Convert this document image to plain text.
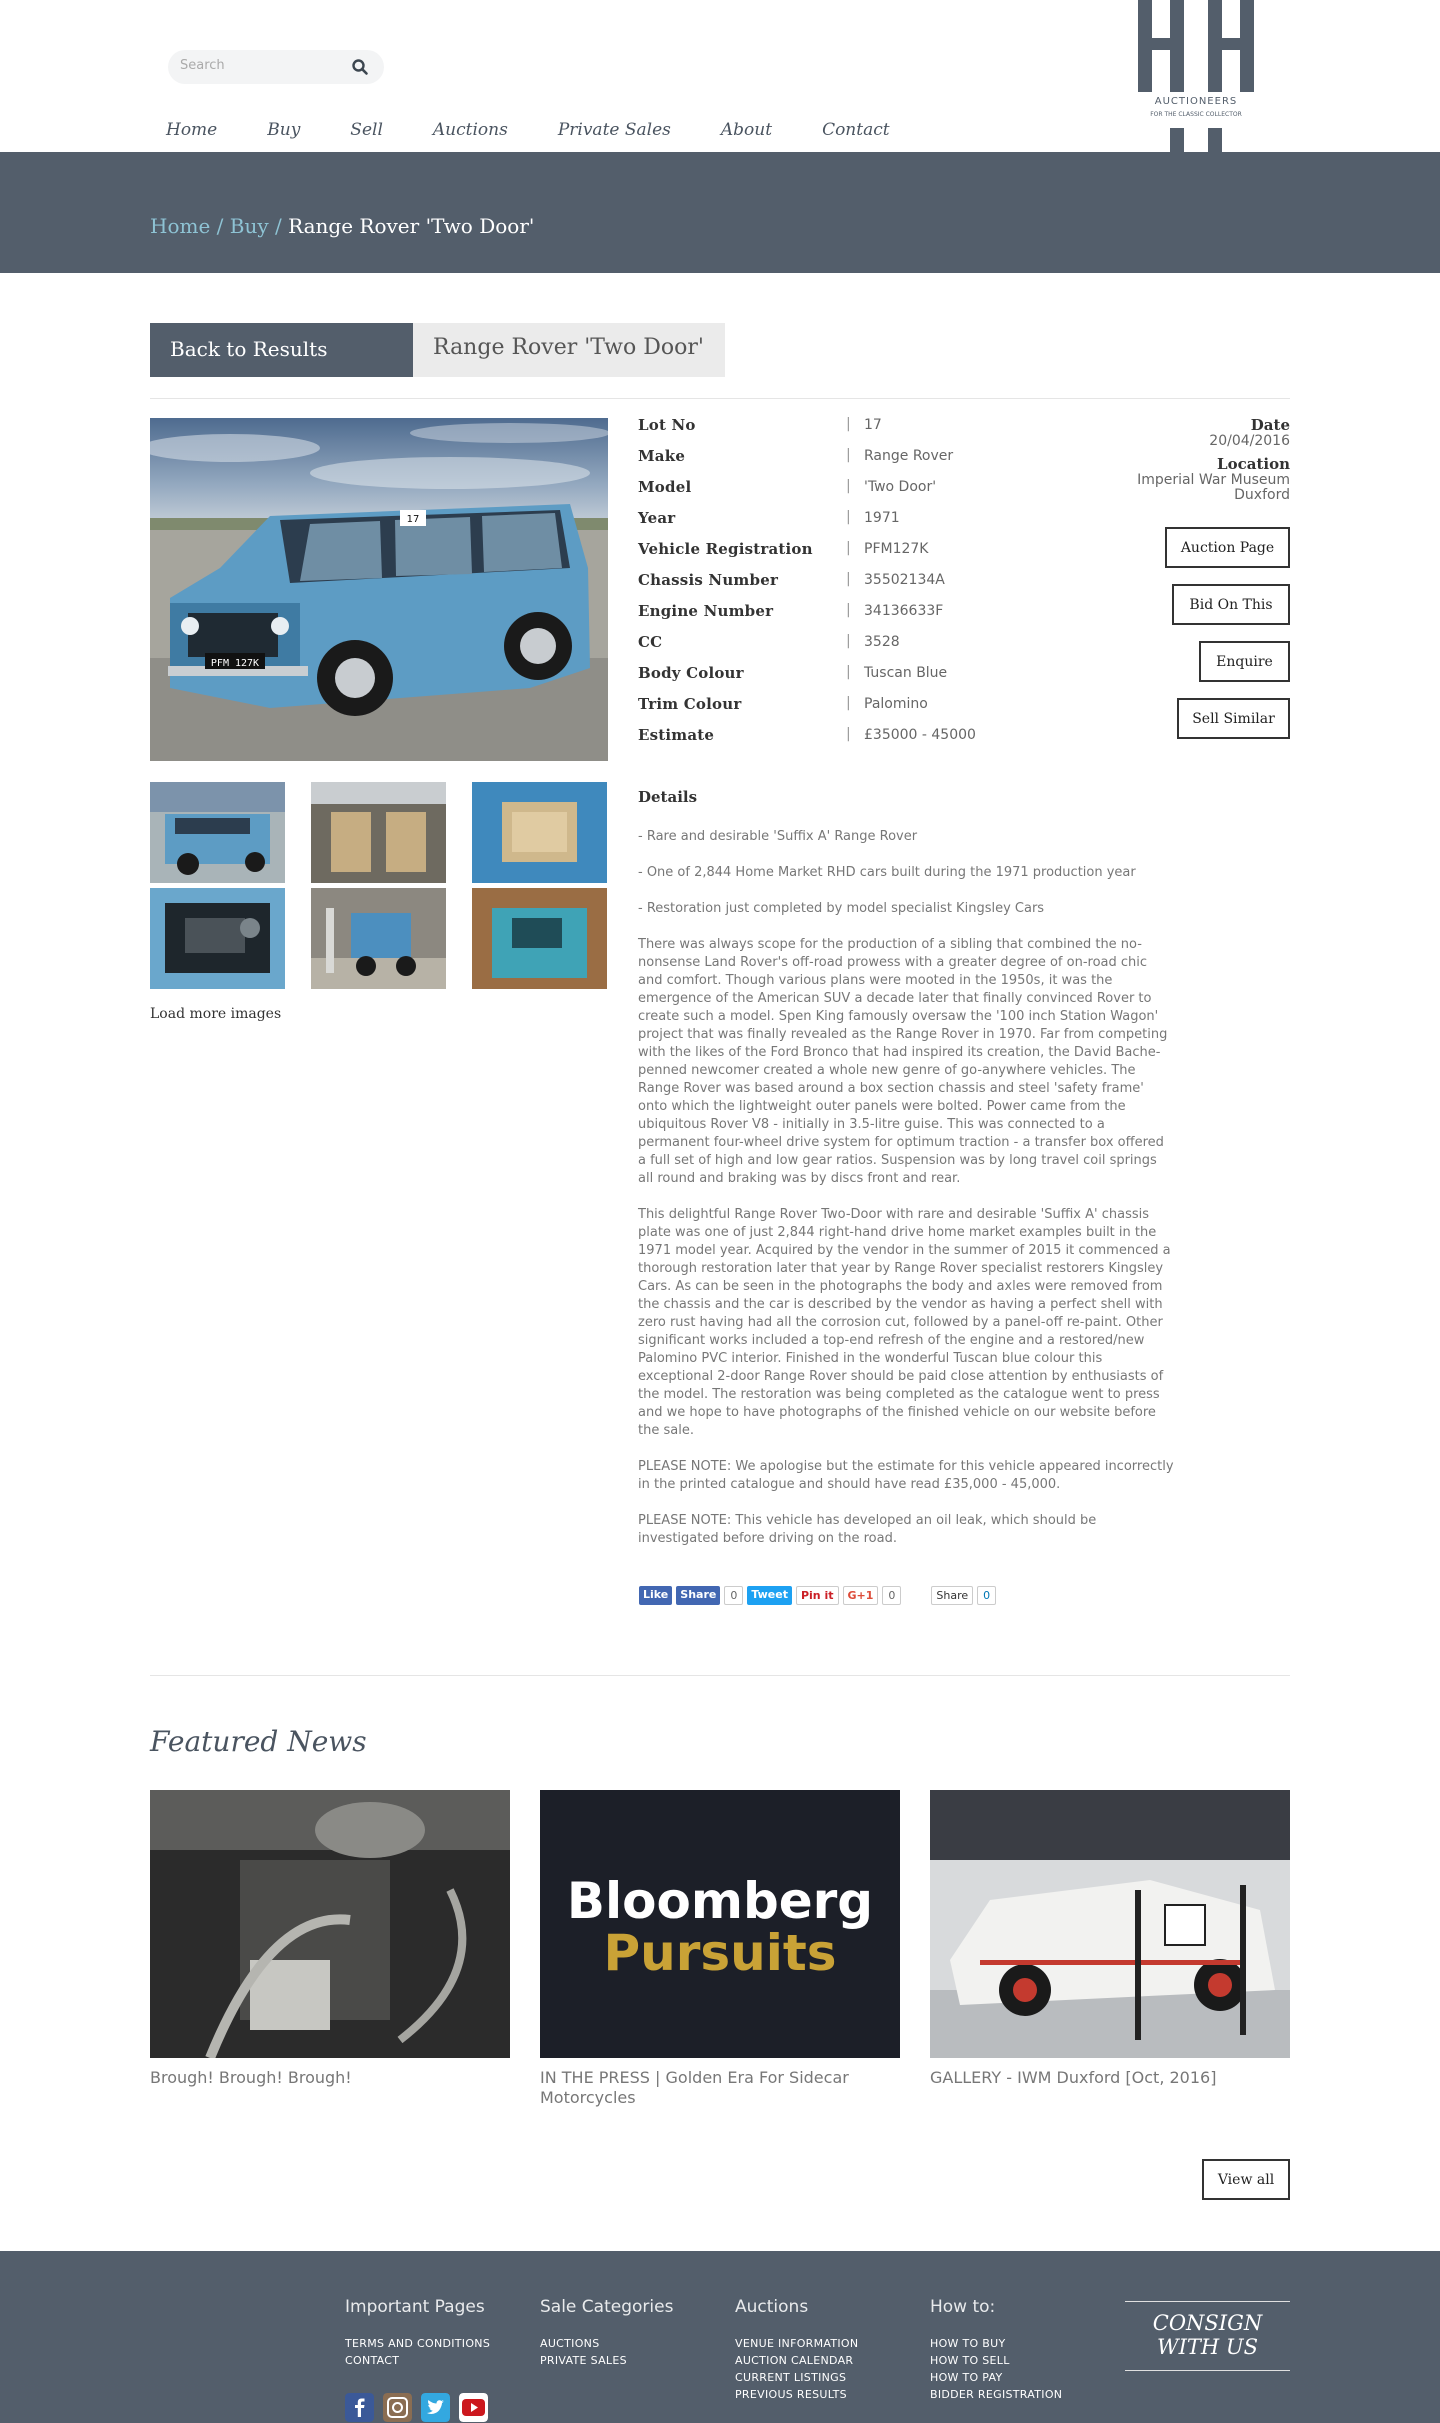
Search
Home	Buy	Sell	Auctions	Private Sales	About	Contact
AND
AUCTIONEERS
FOR THE CLASSIC COLLECTOR
Home / Buy / Range Rover 'Two Door'
Back to Results	Range Rover 'Two Door'
PFM 127K
17
Load more images
Lot No	| 17
Make	| Range Rover
Model	| 'Two Door'
Year	| 1971
Vehicle Registration | PFM127K
Chassis Number	| 35502134A
Engine Number	| 34136633F
CC	| 3528
Body Colour	| Tuscan Blue
Trim Colour	| Palomino
Estimate	| £35000 - 45000
Date
20/04/2016
Location
Imperial War Museum
Duxford
Auction Page
Bid On This
Enquire
Sell Similar
Details

- Rare and desirable 'Suffix A' Range Rover

- One of 2,844 Home Market RHD cars built during the 1971 production year

- Restoration just completed by model specialist Kingsley Cars

There was always scope for the production of a sibling that combined the no-nonsense Land Rover's off-road prowess with a greater degree of on-road chic and comfort. Though various plans were mooted in the 1950s, it was the emergence of the American SUV a decade later that finally convinced Rover to create such a model. Spen King famously oversaw the '100 inch Station Wagon' project that was finally revealed as the Range Rover in 1970. Far from competing with the likes of the Ford Bronco that had inspired its creation, the David Bache-penned newcomer created a whole new genre of go-anywhere vehicles. The Range Rover was based around a box section chassis and steel 'safety frame' onto which the lightweight outer panels were bolted. Power came from the ubiquitous Rover V8 - initially in 3.5-litre guise. This was connected to a permanent four-wheel drive system for optimum traction - a transfer box offered a full set of high and low gear ratios. Suspension was by long travel coil springs all round and braking was by discs front and rear.

This delightful Range Rover Two-Door with rare and desirable 'Suffix A' chassis plate was one of just 2,844 right-hand drive home market examples built in the 1971 model year. Acquired by the vendor in the summer of 2015 it commenced a thorough restoration later that year by Range Rover specialist restorers Kingsley Cars. As can be seen in the photographs the body and axles were removed from the chassis and the car is described by the vendor as having a perfect shell with zero rust having had all the corrosion cut, followed by a panel-off re-paint. Other significant works included a top-end refresh of the engine and a restored/new Palomino PVC interior. Finished in the wonderful Tuscan blue colour this exceptional 2-door Range Rover should be paid close attention by enthusiasts of the model. The restoration was being completed as the catalogue went to press and we hope to have photographs of the finished vehicle on our website before the sale.

PLEASE NOTE: We apologise but the estimate for this vehicle appeared incorrectly in the printed catalogue and should have read £35,000 - 45,000.

PLEASE NOTE: This vehicle has developed an oil leak, which should be investigated before driving on the road.

Like	Share	0	Tweet	Pin it	G+1	0	Share	0
Featured News
Bloomberg
Pursuits
Brough! Brough! Brough!	IN THE PRESS | Golden Era For Sidecar Motorcycles
GALLERY - IWM Duxford [Oct, 2016]
View all
Important Pages
TERMS AND CONDITIONS
CONTACT
Sale Categories
AUCTIONS
PRIVATE SALES
Auctions
VENUE INFORMATION
AUCTION CALENDAR
CURRENT LISTINGS
PREVIOUS RESULTS
How to:
HOW TO BUY
HOW TO SELL
HOW TO PAY
BIDDER REGISTRATION
CONSIGN
WITH US
